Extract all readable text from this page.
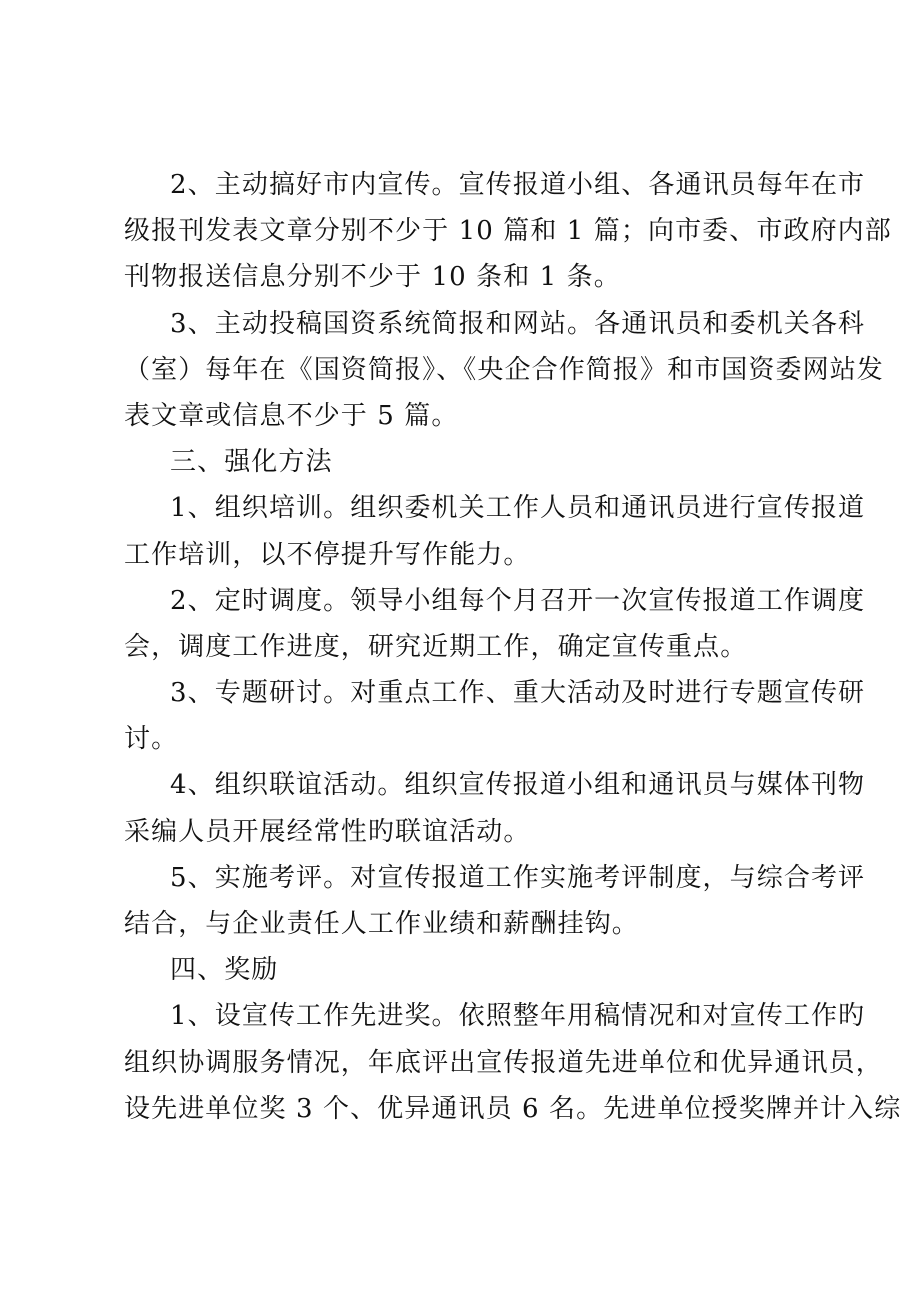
2、主动搞好市内宣传。宣传报道小组、各通讯员每年在市
级报刊发表文章分别不少于 10 篇和 1 篇；向市委、市政府内部
刊物报送信息分别不少于 10 条和 1 条。
3、主动投稿国资系统简报和网站。各通讯员和委机关各科
（室）每年在《国资简报》、《央企合作简报》和市国资委网站发
表文章或信息不少于 5 篇。
三、强化方法
1、组织培训。组织委机关工作人员和通讯员进行宣传报道
工作培训，以不停提升写作能力。
2、定时调度。领导小组每个月召开一次宣传报道工作调度
会，调度工作进度，研究近期工作，确定宣传重点。
3、专题研讨。对重点工作、重大活动及时进行专题宣传研
讨。
4、组织联谊活动。组织宣传报道小组和通讯员与媒体刊物
采编人员开展经常性旳联谊活动。
5、实施考评。对宣传报道工作实施考评制度，与综合考评
结合，与企业责任人工作业绩和薪酬挂钩。
四、奖励
1、设宣传工作先进奖。依照整年用稿情况和对宣传工作旳
组织协调服务情况，年底评出宣传报道先进单位和优异通讯员，
设先进单位奖 3 个、优异通讯员 6 名。先进单位授奖牌并计入综
